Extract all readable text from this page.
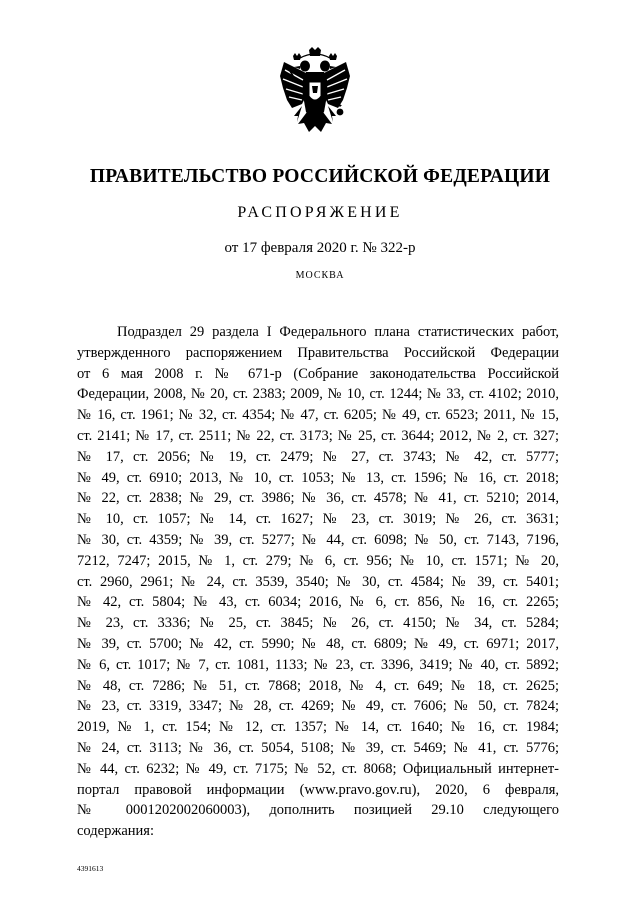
ПРАВИТЕЛЬСТВО РОССИЙСКОЙ ФЕДЕРАЦИИ
РАСПОРЯЖЕНИЕ
от 17 февраля 2020 г. № 322-р
МОСКВА
Подраздел 29 раздела I Федерального плана статистических работ,
утвержденного распоряжением Правительства Российской Федерации
от 6 мая 2008 г. № 671-р (Собрание законодательства Российской
Федерации, 2008, № 20, ст. 2383; 2009, № 10, ст. 1244; № 33, ст. 4102; 2010,
№ 16, ст. 1961; № 32, ст. 4354; № 47, ст. 6205; № 49, ст. 6523; 2011, № 15,
ст. 2141; № 17, ст. 2511; № 22, ст. 3173; № 25, ст. 3644; 2012, № 2, ст. 327;
№ 17, ст. 2056; № 19, ст. 2479; № 27, ст. 3743; № 42, ст. 5777;
№ 49, ст. 6910; 2013, № 10, ст. 1053; № 13, ст. 1596; № 16, ст. 2018;
№ 22, ст. 2838; № 29, ст. 3986; № 36, ст. 4578; № 41, ст. 5210; 2014,
№ 10, ст. 1057; № 14, ст. 1627; № 23, ст. 3019; № 26, ст. 3631;
№ 30, ст. 4359; № 39, ст. 5277; № 44, ст. 6098; № 50, ст. 7143, 7196,
7212, 7247; 2015, № 1, ст. 279; № 6, ст. 956; № 10, ст. 1571; № 20,
ст. 2960, 2961; № 24, ст. 3539, 3540; № 30, ст. 4584; № 39, ст. 5401;
№ 42, ст. 5804; № 43, ст. 6034; 2016, № 6, ст. 856, № 16, ст. 2265;
№ 23, ст. 3336; № 25, ст. 3845; № 26, ст. 4150; № 34, ст. 5284;
№ 39, ст. 5700; № 42, ст. 5990; № 48, ст. 6809; № 49, ст. 6971; 2017,
№ 6, ст. 1017; № 7, ст. 1081, 1133; № 23, ст. 3396, 3419; № 40, ст. 5892;
№ 48, ст. 7286; № 51, ст. 7868; 2018, № 4, ст. 649; № 18, ст. 2625;
№ 23, ст. 3319, 3347; № 28, ст. 4269; № 49, ст. 7606; № 50, ст. 7824;
2019, № 1, ст. 154; № 12, ст. 1357; № 14, ст. 1640; № 16, ст. 1984;
№ 24, ст. 3113; № 36, ст. 5054, 5108; № 39, ст. 5469; № 41, ст. 5776;
№ 44, ст. 6232; № 49, ст. 7175; № 52, ст. 8068; Официальный интернет-
портал правовой информации (www.pravo.gov.ru), 2020, 6 февраля,
№ 0001202002060003), дополнить позицией 29.10 следующего
содержания:
4391613
